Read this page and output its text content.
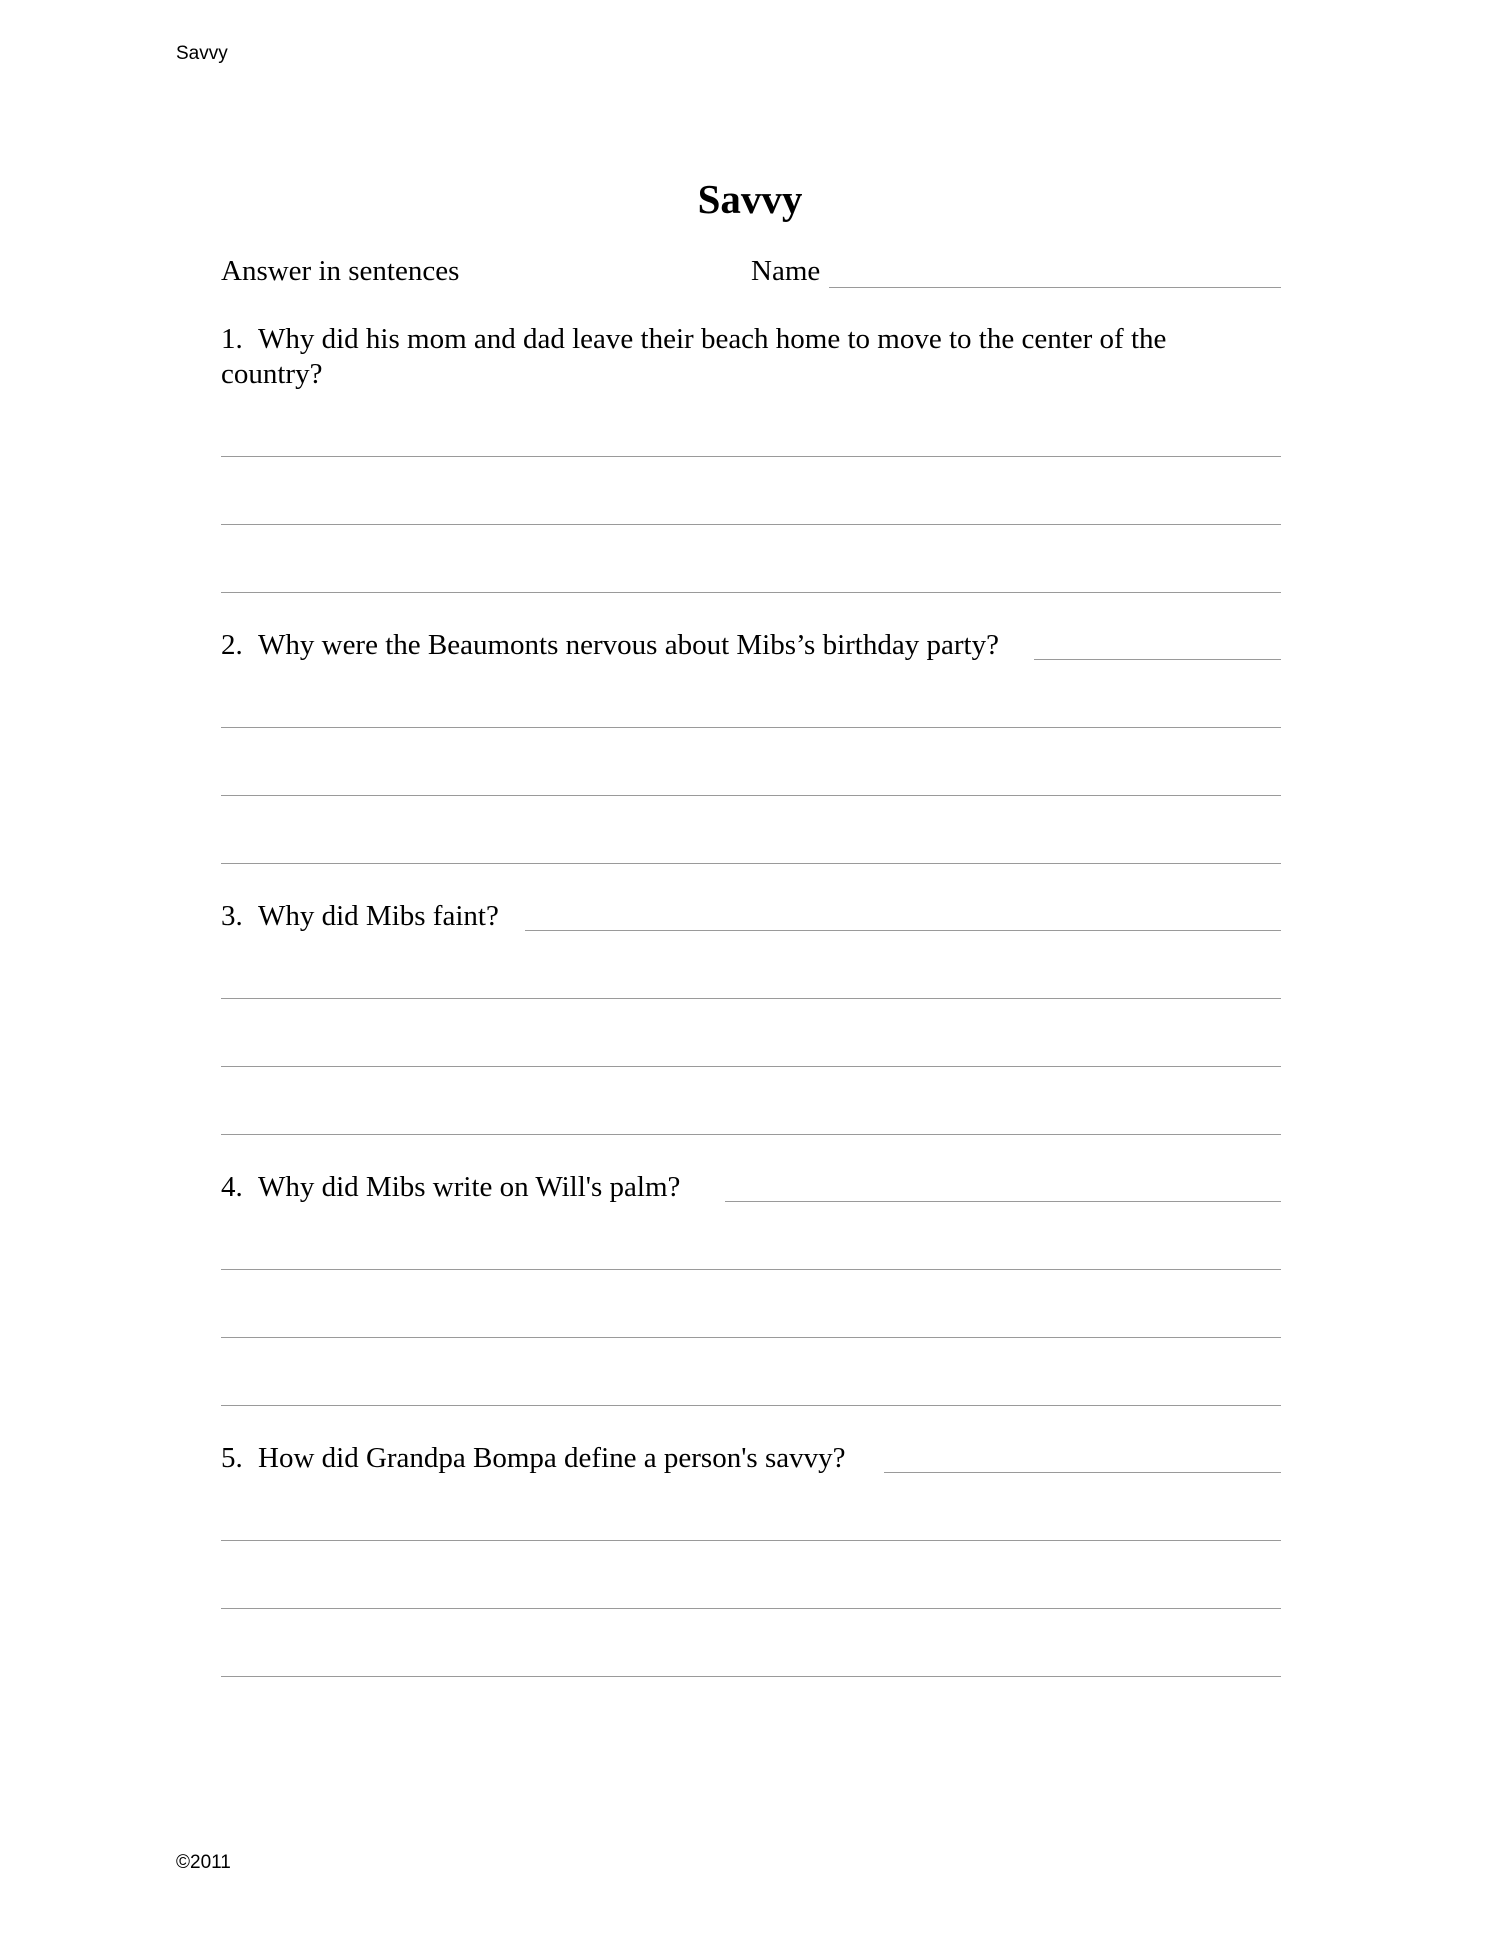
Savvy
Savvy
Answer in sentences	Name
1. Why did his mom and dad leave their beach home to move to the center of the country?
2. Why were the Beaumonts nervous about Mibs’s birthday party?
3. Why did Mibs faint?
4. Why did Mibs write on Will's palm?
5. How did Grandpa Bompa define a person's savvy?
©2011
